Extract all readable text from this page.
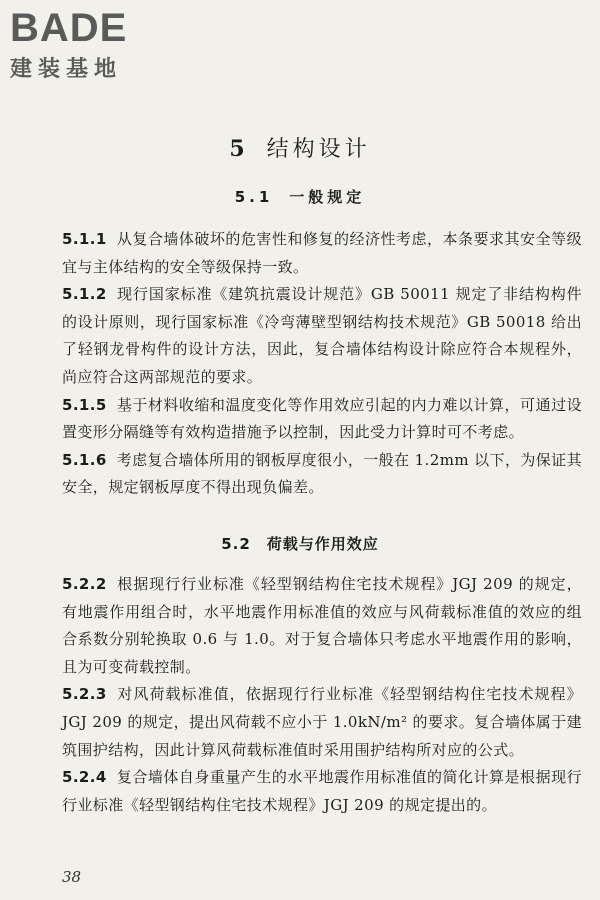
BADE
建装基地
5 结构设计
5.1 一般规定

5.1.1 从复合墙体破坏的危害性和修复的经济性考虑，本条要求其安全等级宜与主体结构的安全等级保持一致。

5.1.2 现行国家标准《建筑抗震设计规范》GB 50011 规定了非结构构件的设计原则，现行国家标准《冷弯薄壁型钢结构技术规范》GB 50018 给出了轻钢龙骨构件的设计方法，因此，复合墙体结构设计除应符合本规程外，尚应符合这两部规范的要求。

5.1.5 基于材料收缩和温度变化等作用效应引起的内力难以计算，可通过设置变形分隔缝等有效构造措施予以控制，因此受力计算时可不考虑。

5.1.6 考虑复合墙体所用的钢板厚度很小，一般在 1.2mm 以下，为保证其安全，规定钢板厚度不得出现负偏差。

5.2 荷载与作用效应

5.2.2 根据现行行业标准《轻型钢结构住宅技术规程》JGJ 209 的规定，有地震作用组合时，水平地震作用标准值的效应与风荷载标准值的效应的组合系数分别轮换取 0.6 与 1.0。对于复合墙体只考虑水平地震作用的影响，且为可变荷载控制。

5.2.3 对风荷载标准值，依据现行行业标准《轻型钢结构住宅技术规程》JGJ 209 的规定，提出风荷载不应小于 1.0kN/m² 的要求。复合墙体属于建筑围护结构，因此计算风荷载标准值时采用围护结构所对应的公式。

5.2.4 复合墙体自身重量产生的水平地震作用标准值的简化计算是根据现行行业标准《轻型钢结构住宅技术规程》JGJ 209 的规定提出的。

38
